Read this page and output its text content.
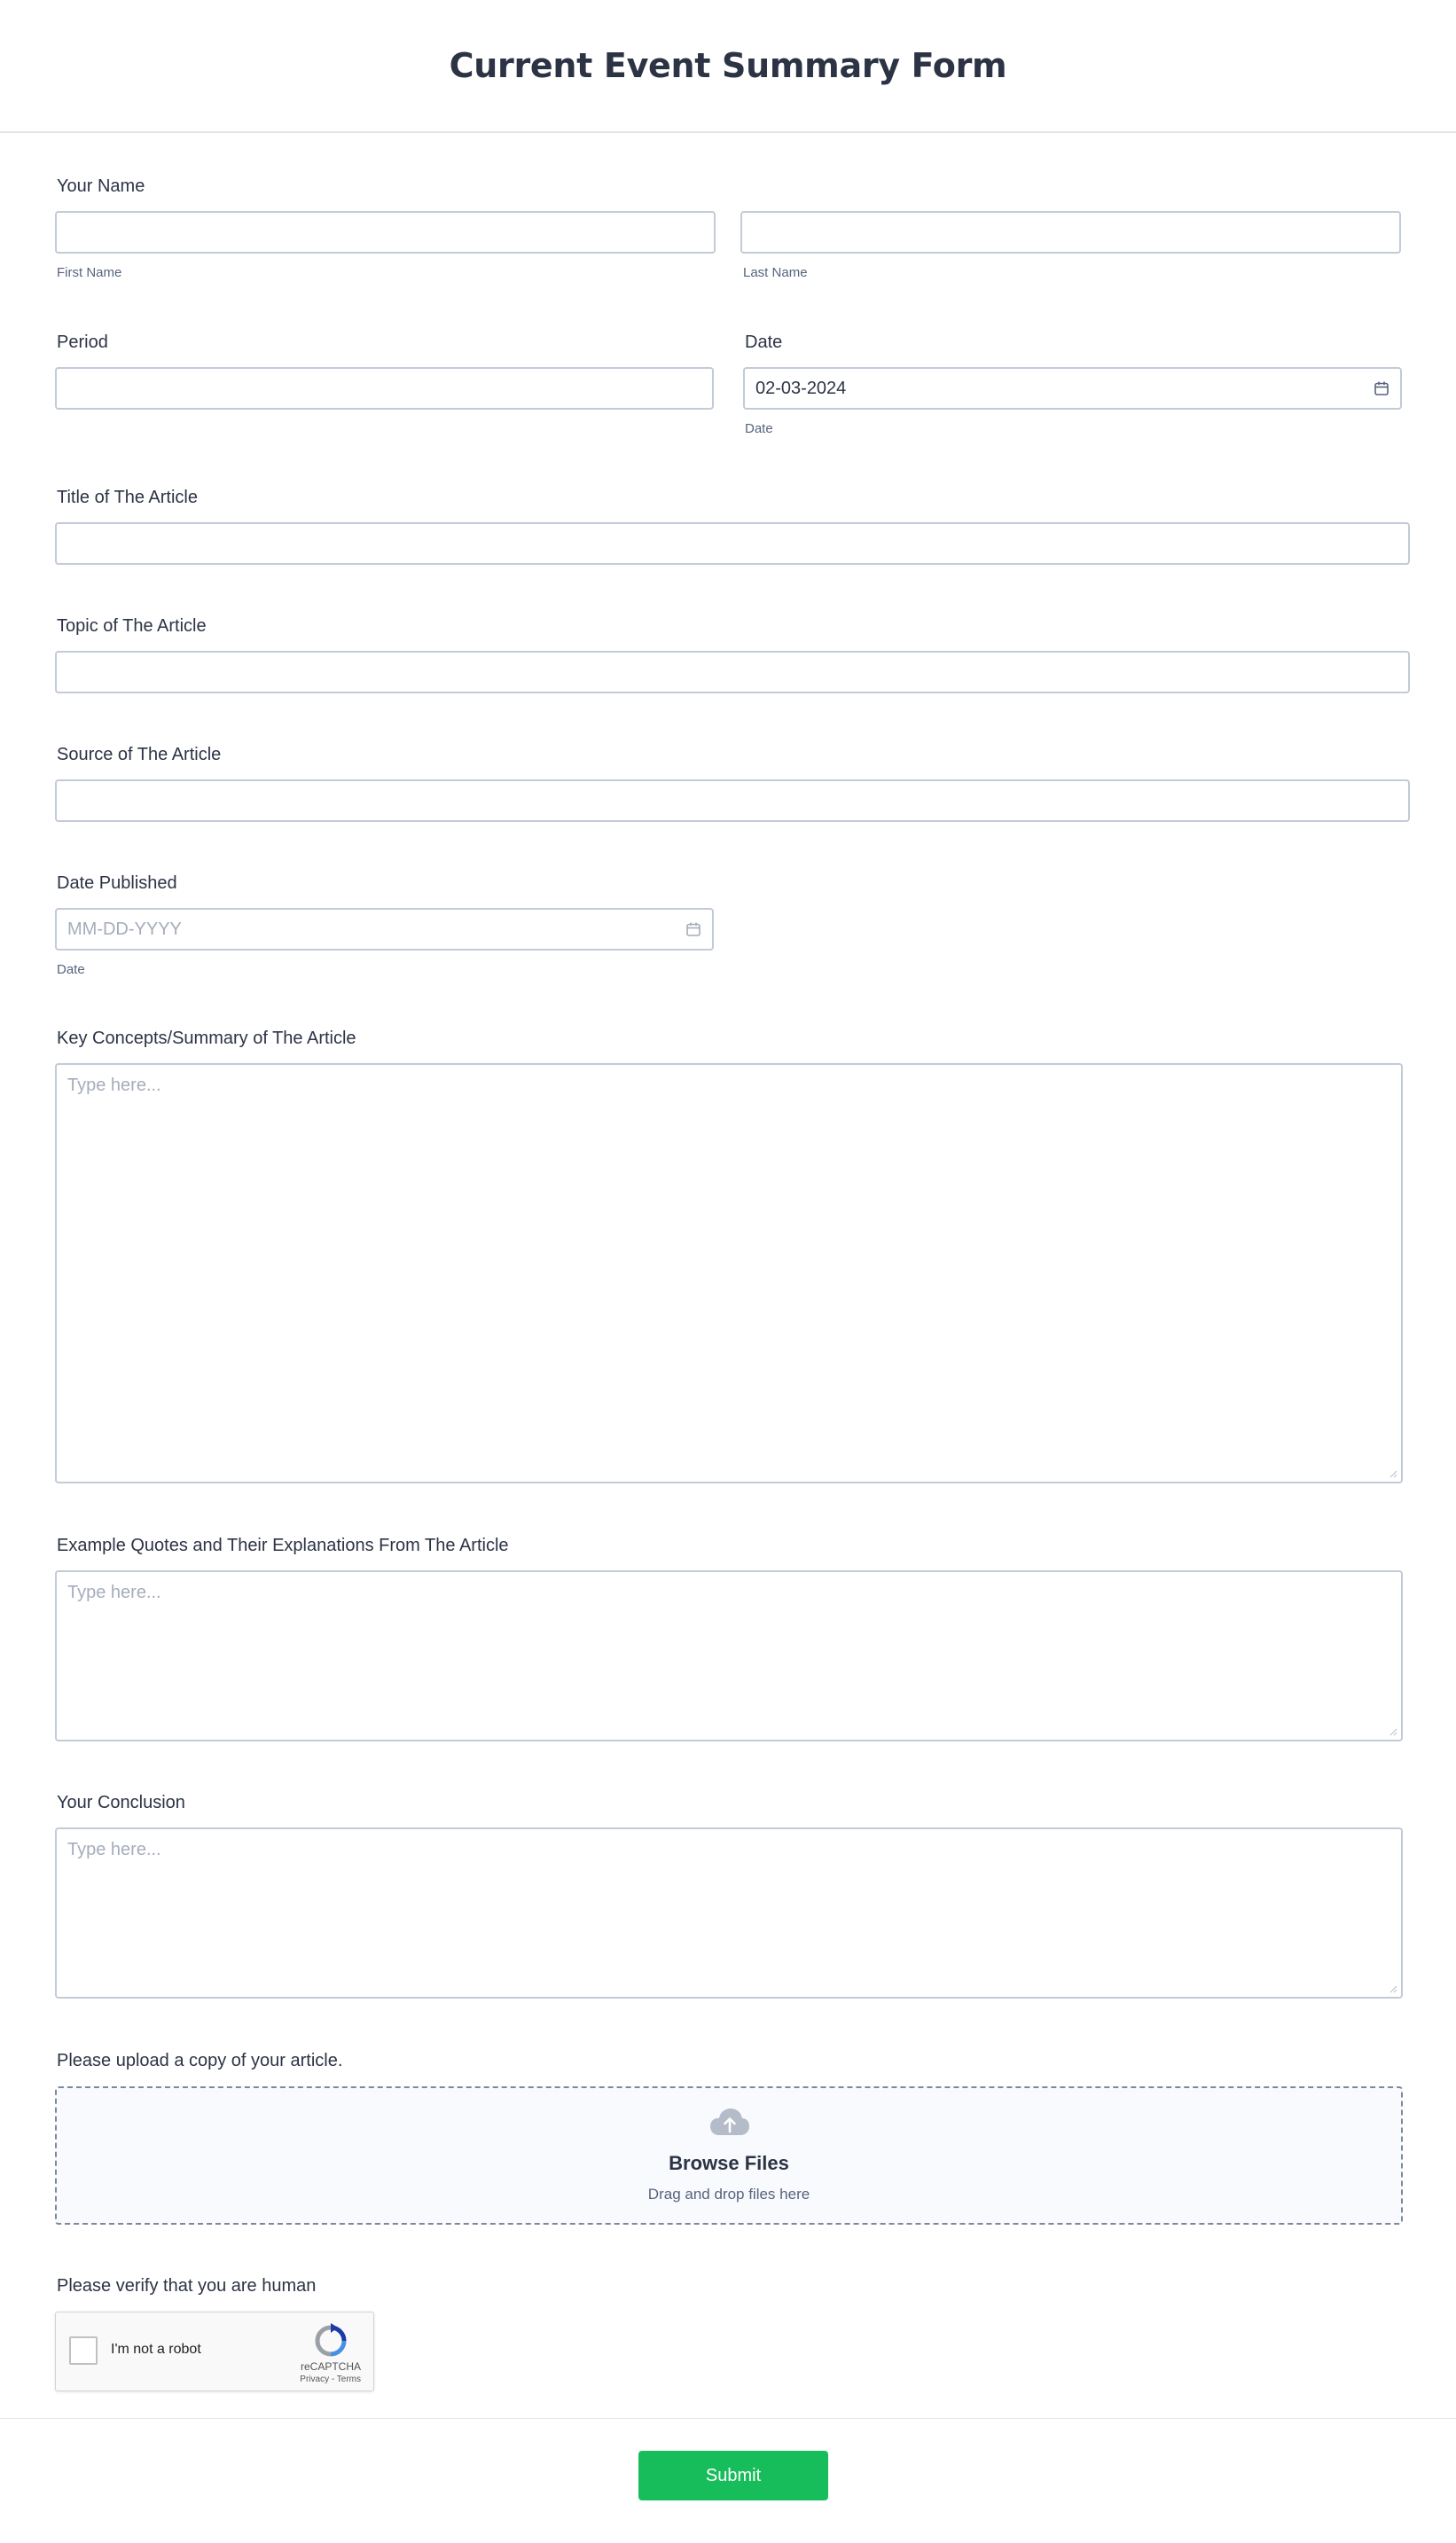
Current Event Summary Form
Your Name
First Name	Last Name
Period	Date
02-03-2024
Date
Title of The Article
Topic of The Article
Source of The Article
Date Published
MM-DD-YYYY
Date
Key Concepts/Summary of The Article
Type here...
Example Quotes and Their Explanations From The Article
Type here...
Your Conclusion
Type here...
Please upload a copy of your article.
Browse Files
Drag and drop files here
Please verify that you are human
I'm not a robot
reCAPTCHA
Privacy - Terms
Submit
